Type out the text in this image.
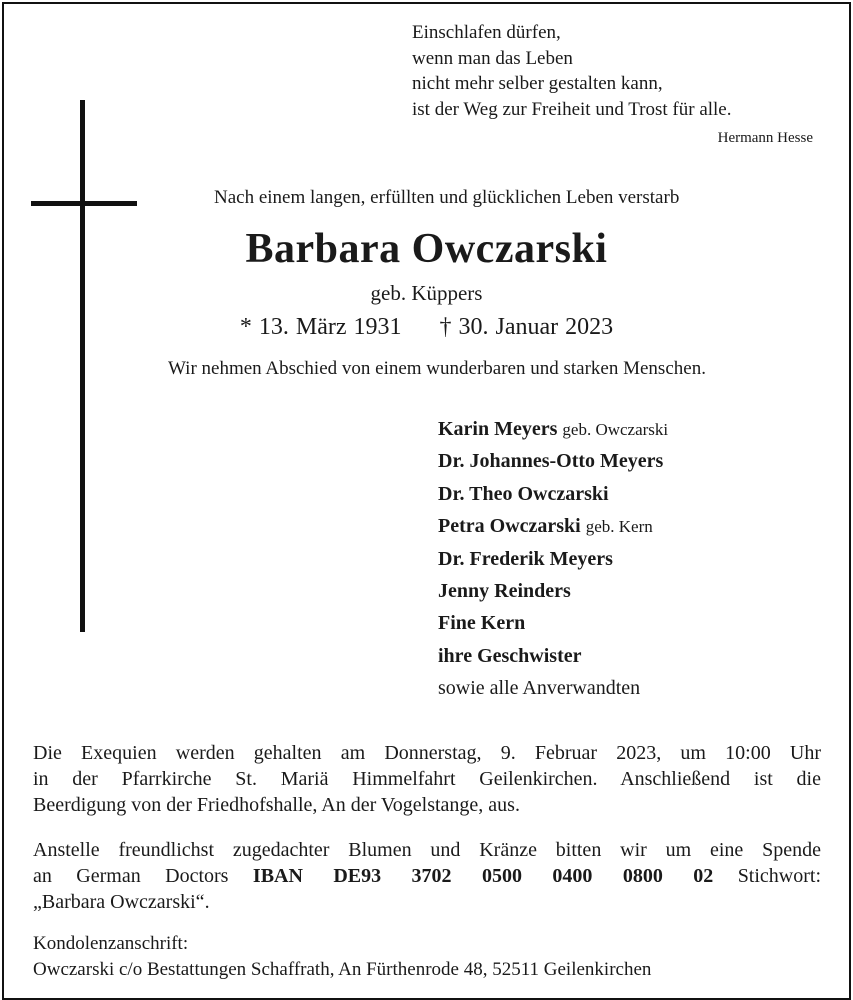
Einschlafen dürfen,
wenn man das Leben
nicht mehr selber gestalten kann,
ist der Weg zur Freiheit und Trost für alle.
Hermann Hesse
Nach einem langen, erfüllten und glücklichen Leben verstarb
Barbara Owczarski
geb. Küppers
* 13. März 1931 † 30. Januar 2023
Wir nehmen Abschied von einem wunderbaren und starken Menschen.
Karin Meyers geb. Owczarski
Dr. Johannes-Otto Meyers
Dr. Theo Owczarski
Petra Owczarski geb. Kern
Dr. Frederik Meyers
Jenny Reinders
Fine Kern
ihre Geschwister
sowie alle Anverwandten
Die Exequien werden gehalten am Donnerstag, 9. Februar 2023, um 10:00 Uhr
in der Pfarrkirche St. Mariä Himmelfahrt Geilenkirchen. Anschließend ist die
Beerdigung von der Friedhofshalle, An der Vogelstange, aus.
Anstelle freundlichst zugedachter Blumen und Kränze bitten wir um eine Spende
an German Doctors IBAN DE93 3702 0500 0400 0800 02 Stichwort:
„Barbara Owczarski“.
Kondolenzanschrift:
Owczarski c/o Bestattungen Schaffrath, An Fürthenrode 48, 52511 Geilenkirchen
